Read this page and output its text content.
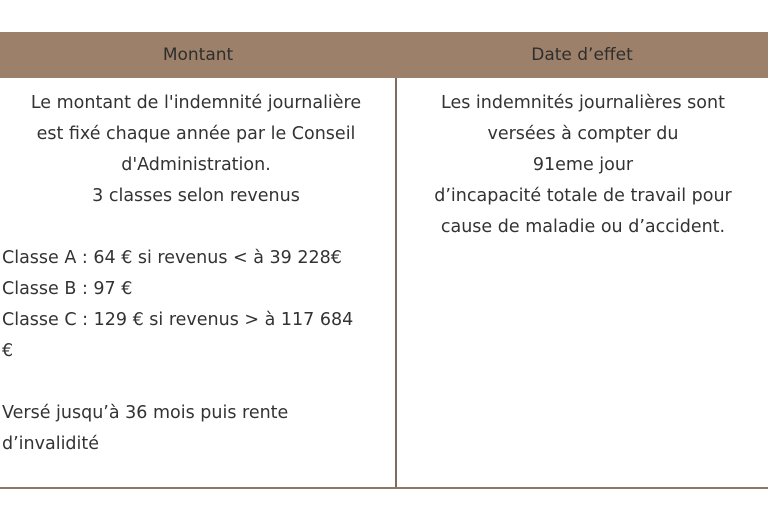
Montant	Date d’effet
Le montant de l'indemnité journalière
est fixé chaque année par le Conseil
d'Administration.
3 classes selon revenus
Classe A : 64 € si revenus < à 39 228€
Classe B : 97 €
Classe C : 129 € si revenus > à 117 684
€
Versé jusqu’à 36 mois puis rente
d’invalidité
Les indemnités journalières sont
versées à compter du
91eme jour
d’incapacité totale de travail pour
cause de maladie ou d’accident.
